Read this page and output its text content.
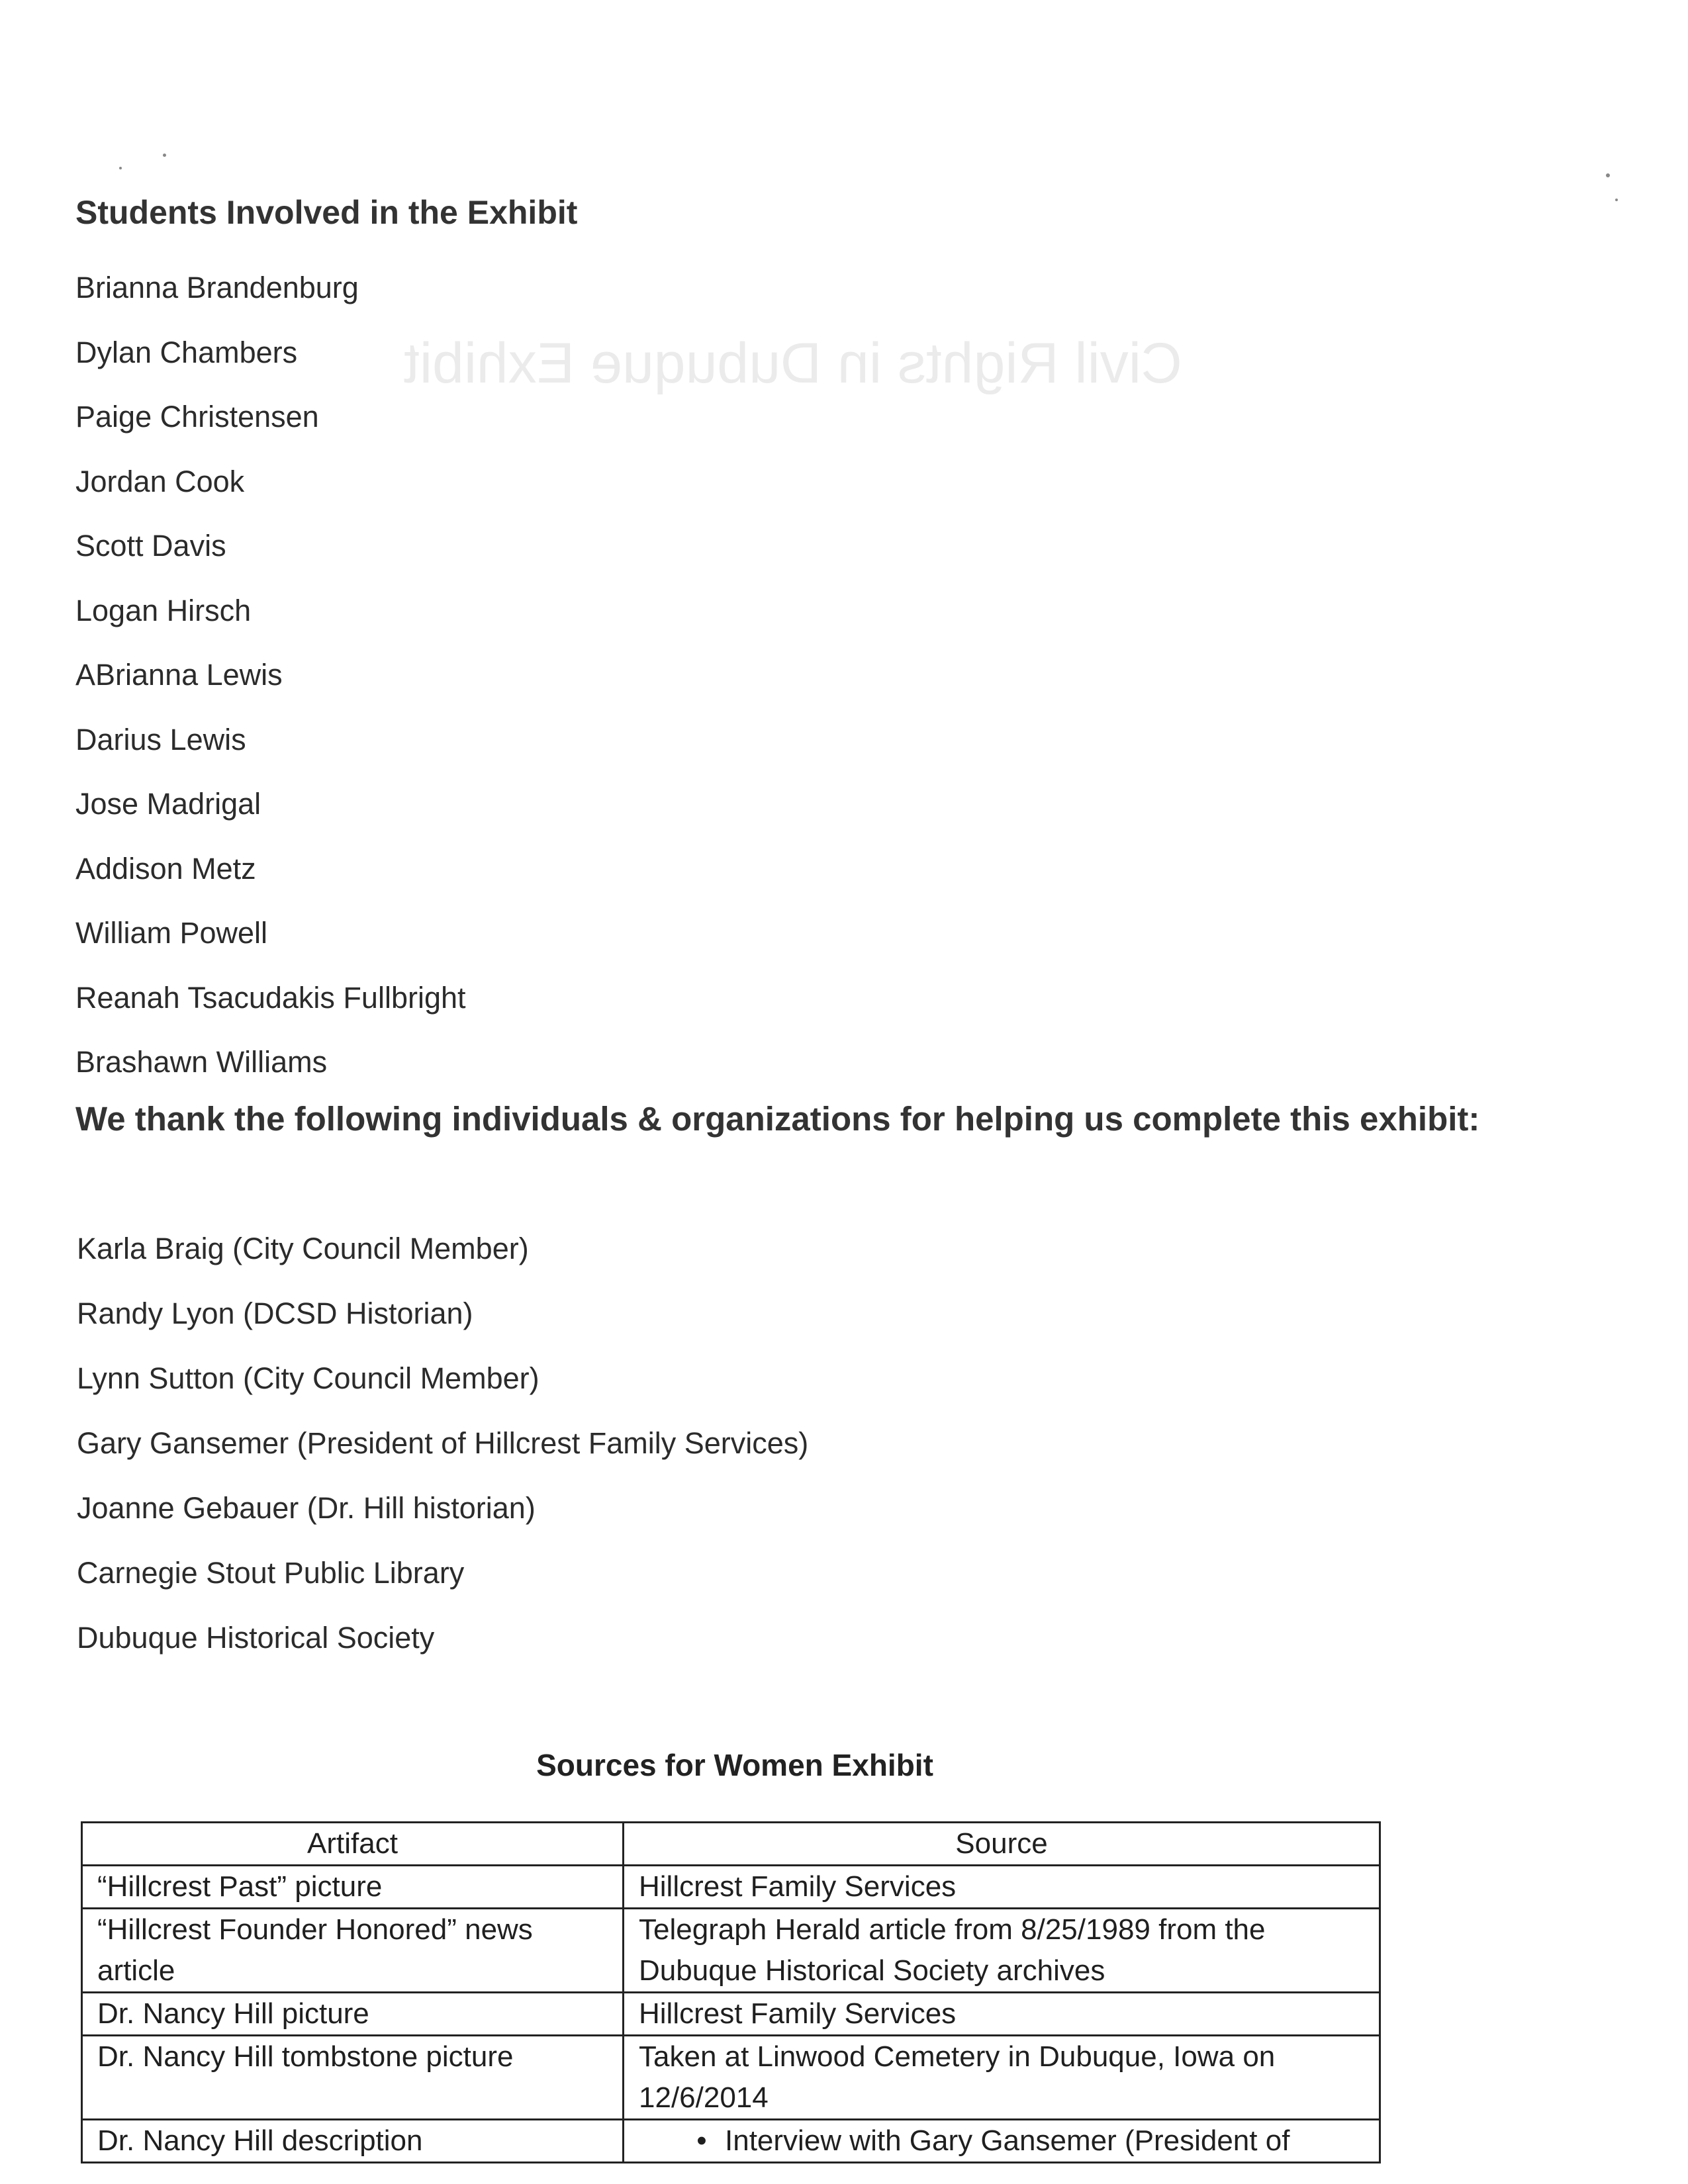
Civil Rights in Dubuque Exhibit
Students Involved in the Exhibit
Brianna Brandenburg
Dylan Chambers
Paige Christensen
Jordan Cook
Scott Davis
Logan Hirsch
ABrianna Lewis
Darius Lewis
Jose Madrigal
Addison Metz
William Powell
Reanah Tsacudakis Fullbright
Brashawn Williams
We thank the following individuals & organizations for helping us complete this exhibit:
Karla Braig (City Council Member)
Randy Lyon (DCSD Historian)
Lynn Sutton (City Council Member)
Gary Gansemer (President of Hillcrest Family Services)
Joanne Gebauer (Dr. Hill historian)
Carnegie Stout Public Library
Dubuque Historical Society
Sources for Women Exhibit
Artifact	Source
“Hillcrest Past” picture	Hillcrest Family Services
“Hillcrest Founder Honored” news article	Telegraph Herald article from 8/25/1989 from the Dubuque Historical Society archives
Dr. Nancy Hill picture	Hillcrest Family Services
Dr. Nancy Hill tombstone picture	Taken at Linwood Cemetery in Dubuque, Iowa on 12/6/2014
Dr. Nancy Hill description	• Interview with Gary Gansemer (President of
